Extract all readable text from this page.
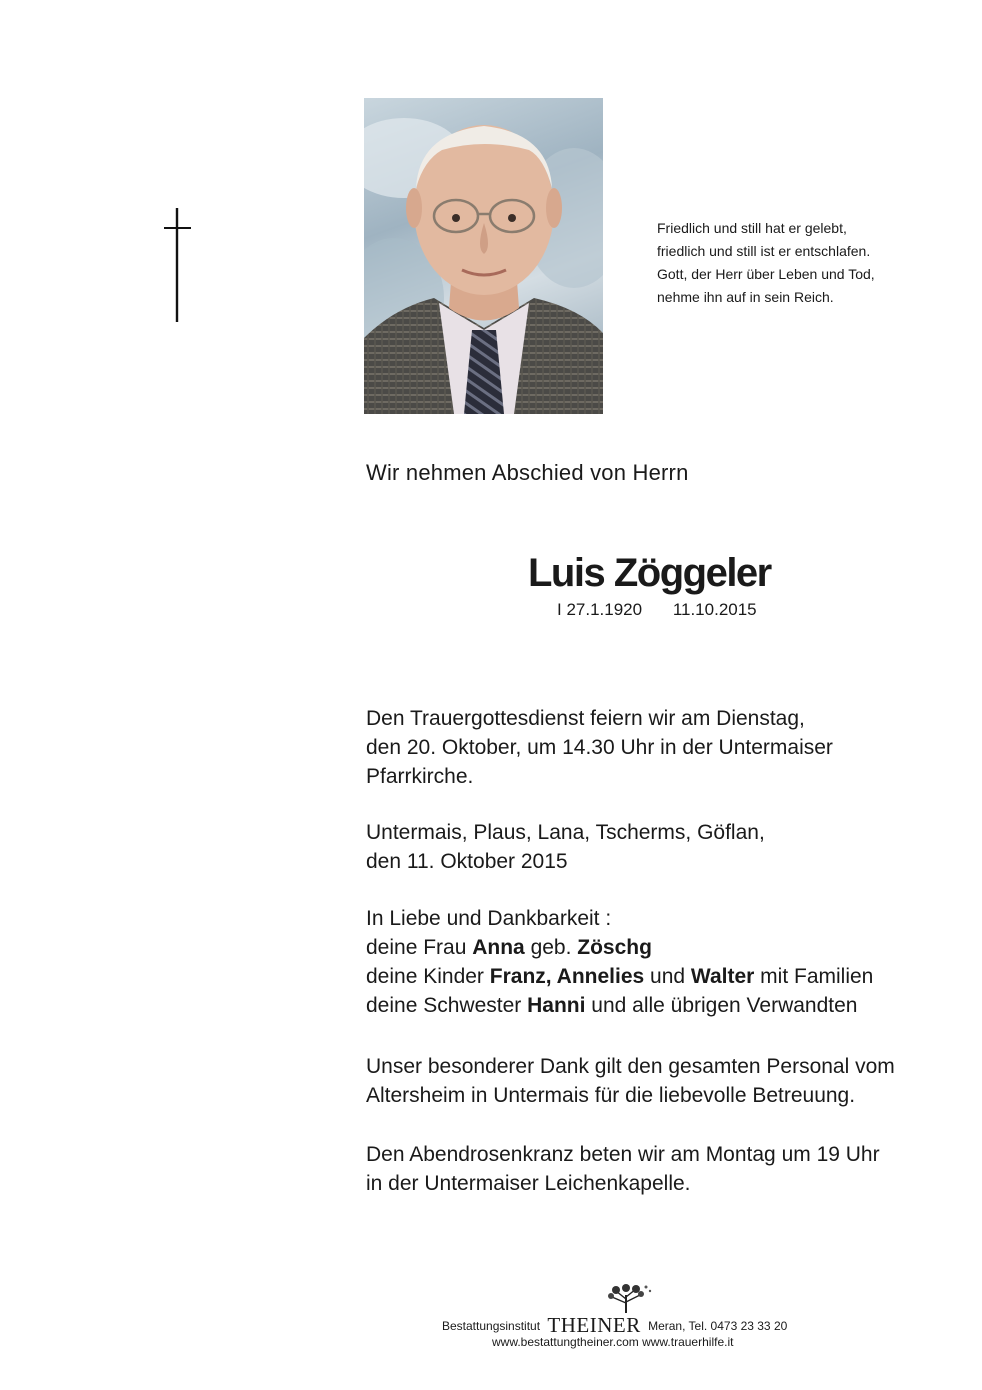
Friedlich und still hat er gelebt,
friedlich und still ist er entschlafen.
Gott, der Herr über Leben und Tod,
nehme ihn auf in sein Reich.
Wir nehmen Abschied von Herrn
Luis Zöggeler
I 27.1.1920 11.10.2015
Den Trauergottesdienst feiern wir am Dienstag,
den 20. Oktober, um 14.30 Uhr in der Untermaiser
Pfarrkirche.
Untermais, Plaus, Lana, Tscherms, Göflan,
den 11. Oktober 2015
In Liebe und Dankbarkeit :
deine Frau Anna geb. Zöschg
deine Kinder Franz, Annelies und Walter mit Familien
deine Schwester Hanni und alle übrigen Verwandten
Unser besonderer Dank gilt den gesamten Personal vom
Altersheim in Untermais für die liebevolle Betreuung.
Den Abendrosenkranz beten wir am Montag um 19 Uhr
in der Untermaiser Leichenkapelle.
Bestattungsinstitut THEINER Meran, Tel. 0473 23 33 20
www.bestattungtheiner.com www.trauerhilfe.it
